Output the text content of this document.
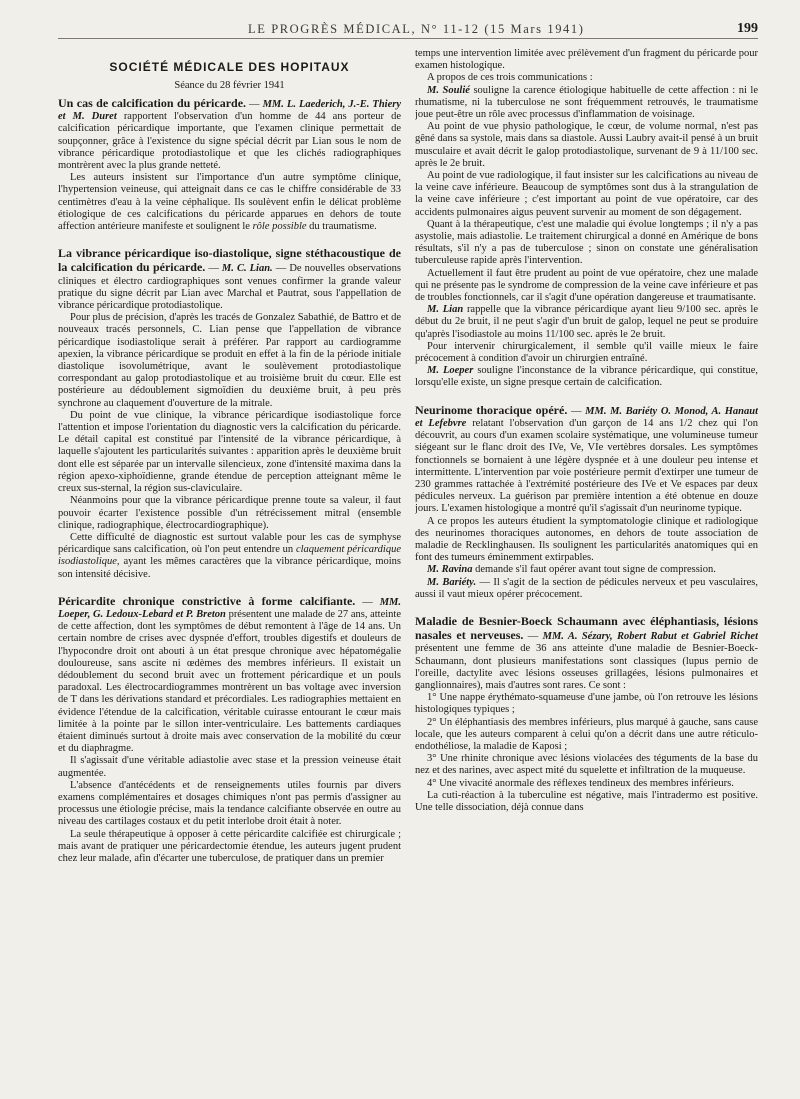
LE PROGRÈS MÉDICAL, N° 11-12 (15 Mars 1941)	199
SOCIÉTÉ MÉDICALE DES HOPITAUX
Séance du 28 février 1941

Un cas de calcification du péricarde. — MM. L. Laederich, J.-E. Thiery et M. Duret rapportent l'observation d'un homme de 44 ans porteur de calcification péricardique importante, que l'examen clinique permettait de soupçonner, grâce à l'existence du signe spécial décrit par Lian sous le nom de vibrance péricardique protodiastolique et que les clichés radiographiques montrèrent avec la plus grande netteté.

Les auteurs insistent sur l'importance d'un autre symptôme clinique, l'hypertension veineuse, qui atteignait dans ce cas le chiffre considérable de 33 centimètres d'eau à la veine céphalique. Ils soulèvent enfin le délicat problème étiologique de ces calcifications du péricarde apparues en dehors de toute affection antérieure manifeste et soulignent le rôle possible du traumatisme.

La vibrance péricardique iso-diastolique, signe stéthacoustique de la calcification du péricarde. — M. C. Lian. — De nouvelles observations cliniques et électro cardiographiques sont venues confirmer la grande valeur pratique du signe décrit par Lian avec Marchal et Pautrat, sous l'appellation de vibrance péricardique protodiastolique.

Pour plus de précision, d'après les tracés de Gonzalez Sabathié, de Battro et de nouveaux tracés personnels, C. Lian pense que l'appellation de vibrance péricardique isodiastolique serait à préférer. Par rapport au cardiogramme apexien, la vibrance péricardique se produit en effet à la fin de la période initiale diastolique isovolumétrique, avant le soulèvement protodiastolique correspondant au galop protodiastolique et au troisième bruit du cœur. Elle est postérieure au dédoublement sigmoïdien du deuxième bruit, à peu près synchrone au claquement d'ouverture de la mitrale.

Du point de vue clinique, la vibrance péricardique isodiastolique force l'attention et impose l'orientation du diagnostic vers la calcification du péricarde. Le détail capital est constitué par l'intensité de la vibrance péricardique, à laquelle s'ajoutent les particularités suivantes : apparition après le deuxième bruit dont elle est séparée par un intervalle silencieux, zone d'intensité maxima dans la région apexo-xiphoïdienne, grande étendue de perception atteignant même le creux sus-sternal, la région sus-claviculaire.

Néanmoins pour que la vibrance péricardique prenne toute sa valeur, il faut pouvoir écarter l'existence possible d'un rétrécissement mitral (ensemble clinique, radiographique, électrocardiographique).

Cette difficulté de diagnostic est surtout valable pour les cas de symphyse péricardique sans calcification, où l'on peut entendre un claquement péricardique isodiastolique, ayant les mêmes caractères que la vibrance péricardique, moins son intensité décisive.

Péricardite chronique constrictive à forme calcifiante. — MM. Loeper, G. Ledoux-Lebard et P. Breton présentent une malade de 27 ans, atteinte de cette affection, dont les symptômes de début remontent à l'âge de 14 ans. Un certain nombre de crises avec dyspnée d'effort, troubles digestifs et douleurs de l'hypocondre droit ont abouti à un état presque chronique avec hépatomégalie douloureuse, sans ascite ni œdèmes des membres inférieurs. Il existait un dédoublement du second bruit avec un frottement péricardique et un pouls paradoxal. Les électrocardiogrammes montrèrent un bas voltage avec inversion de T dans les dérivations standard et précordiales. Les radiographies mettaient en évidence l'étendue de la calcification, véritable cuirasse entourant le cœur mais limitée à la pointe par le sillon inter-ventriculaire. Les battements cardiaques étaient diminués surtout à droite mais avec conservation de la mobilité du cœur et du diaphragme.

Il s'agissait d'une véritable adiastolie avec stase et la pression veineuse était augmentée.

L'absence d'antécédents et de renseignements utiles fournis par divers examens complémentaires et dosages chimiques n'ont pas permis d'assigner au processus une étiologie précise, mais la tendance calcifiante observée en outre au niveau des cartilages costaux et du petit interlobe droit était à noter.

La seule thérapeutique à opposer à cette péricardite calcifiée est chirurgicale ; mais avant de pratiquer une péricardectomie étendue, les auteurs jugent prudent chez leur malade, afin d'écarter une tuberculose, de pratiquer dans un premier

temps une intervention limitée avec prélèvement d'un fragment du péricarde pour examen histologique.

A propos de ces trois communications :

M. Soulié souligne la carence étiologique habituelle de cette affection : ni le rhumatisme, ni la tuberculose ne sont fréquemment retrouvés, le traumatisme joue peut-être un rôle avec processus d'inflammation de voisinage.

Au point de vue physio pathologique, le cœur, de volume normal, n'est pas gêné dans sa systole, mais dans sa diastole. Aussi Laubry avait-il pensé à un bruit musculaire et avait décrit le galop protodiastolique, survenant de 9 à 11/100 sec. après le 2e bruit.

Au point de vue radiologique, il faut insister sur les calcifications au niveau de la veine cave inférieure. Beaucoup de symptômes sont dus à la strangulation de la veine cave inférieure ; c'est important au point de vue opératoire, car des accidents pulmonaires aigus peuvent survenir au moment de son dégagement.

Quant à la thérapeutique, c'est une maladie qui évolue longtemps ; il n'y a pas asystolie, mais adiastolie. Le traitement chirurgical a donné en Amérique de bons résultats, s'il n'y a pas de tuberculose ; sinon on constate une généralisation tuberculeuse rapide après l'intervention.

Actuellement il faut être prudent au point de vue opératoire, chez une malade qui ne présente pas le syndrome de compression de la veine cave inférieure et pas de troubles fonctionnels, car il s'agit d'une opération dangereuse et traumatisante.

M. Lian rappelle que la vibrance péricardique ayant lieu 9/100 sec. après le début du 2e bruit, il ne peut s'agir d'un bruit de galop, lequel ne peut se produire qu'après l'isodiastole au moins 11/100 sec. après le 2e bruit.

Pour intervenir chirurgicalement, il semble qu'il vaille mieux le faire précocement à condition d'avoir un chirurgien entraîné.

M. Loeper souligne l'inconstance de la vibrance péricardique, qui constitue, lorsqu'elle existe, un signe presque certain de calcification.

Neurinome thoracique opéré. — MM. M. Bariéty O. Monod, A. Hanaut et Lefebvre relatant l'observation d'un garçon de 14 ans 1/2 chez qui l'on découvrit, au cours d'un examen scolaire systématique, une volumineuse tumeur siégeant sur le flanc droit des IVe, Ve, VIe vertèbres dorsales. Les symptômes fonctionnels se bornaient à une légère dyspnée et à une douleur peu intense et intermittente. L'intervention par voie postérieure permit d'extirper une tumeur de 230 grammes rattachée à l'extrémité postérieure des IVe et Ve espaces par deux pédicules nerveux. La guérison par première intention a été obtenue en douze jours. L'examen histologique a montré qu'il s'agissait d'un neurinome typique.

A ce propos les auteurs étudient la symptomatologie clinique et radiologique des neurinomes thoraciques autonomes, en dehors de toute association de maladie de Recklinghausen. Ils soulignent les particularités anatomiques qui en font des tumeurs éminemment extirpables.

M. Ravina demande s'il faut opérer avant tout signe de compression.

M. Bariéty. — Il s'agit de la section de pédicules nerveux et peu vasculaires, aussi il vaut mieux opérer précocement.

Maladie de Besnier-Boeck Schaumann avec éléphantiasis, lésions nasales et nerveuses. — MM. A. Sézary, Robert Rabut et Gabriel Richet présentent une femme de 36 ans atteinte d'une maladie de Besnier-Boeck-Schaumann, dont plusieurs manifestations sont classiques (lupus pernio de l'oreille, dactylite avec lésions osseuses grillagées, lésions pulmonaires et ganglionnaires), mais d'autres sont rares. Ce sont :

1° Une nappe érythémato-squameuse d'une jambe, où l'on retrouve les lésions histologiques typiques ;

2° Un éléphantiasis des membres inférieurs, plus marqué à gauche, sans cause locale, que les auteurs comparent à celui qu'on a décrit dans une autre réticulo-endothéliose, la maladie de Kaposi ;

3° Une rhinite chronique avec lésions violacées des téguments de la base du nez et des narines, avec aspect mité du squelette et infiltration de la muqueuse.

4° Une vivacité anormale des réflexes tendineux des membres inférieurs.

La cuti-réaction à la tuberculine est négative, mais l'intradermo est positive. Une telle dissociation, déjà connue dans
